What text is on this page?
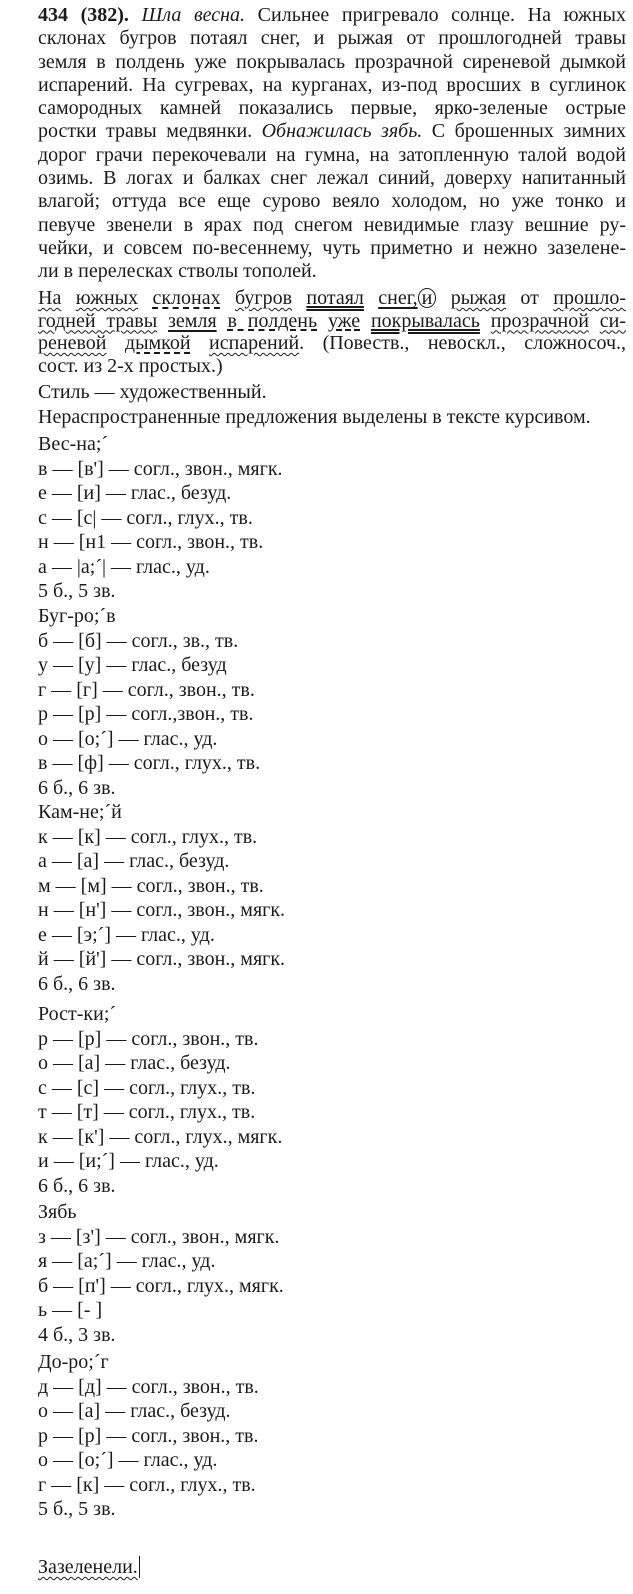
434 (382). Шла весна. Сильнее пригревало солнце. На южных
склонах бугров потаял снег, и рыжая от прошлогодней травы
земля в полдень уже покрывалась прозрачной сиреневой дымкой
испарений. На сугревах, на курганах, из-под вросших в суглинок
самородных камней показались первые, ярко-зеленые острые
ростки травы медвянки. Обнажилась зябь. С брошенных зимних
дорог грачи перекочевали на гумна, на затопленную талой водой
озимь. В логах и балках снег лежал синий, доверху напитанный
влагой; оттуда все еще сурово веяло холодом, но уже тонко и
певуче звенели в ярах под снегом невидимые глазу вешние ру-
чейки, и совсем по-весеннему, чуть приметно и нежно зазелене-
ли в перелесках стволы тополей.
На южных склонах бугров потаял снег, и рыжая от прошло-
годней травы земля в полдень уже покрывалась прозрачной си-
реневой дымкой испарений. (Повеств., невоскл., сложносоч.,
сост. из 2-х простых.)
Стиль — художественный.
Нераспространенные предложения выделены в тексте курсивом.
Вес-на;´
в — [в'] — согл., звон., мягк.
е — [и] — глас., безуд.
с — [с| — согл., глух., тв.
н — [н1 — согл., звон., тв.
а — |а;´| — глас., уд.
5 б., 5 зв.
Буг-ро;´в
б — [б] — согл., зв., тв.
у — [у] — глас., безуд
г — [г] — согл., звон., тв.
р — [р] — согл.,звон., тв.
о — [о;´] — глас., уд.
в — [ф] — согл., глух., тв.
6 б., 6 зв.
Кам-не;´й
к — [к] — согл., глух., тв.
а — [а] — глас., безуд.
м — [м] — согл., звон., тв.
н — [н'] — согл., звон., мягк.
е — [э;´] — глас., уд.
й — [й'] — согл., звон., мягк.
6 б., 6 зв.
Рост-ки;´
р — [р] — согл., звон., тв.
о — [а] — глас., безуд.
с — [с] — согл., глух., тв.
т — [т] — согл., глух., тв.
к — [к'] — согл., глух., мягк.
и — [и;´] — глас., уд.
6 б., 6 зв.
Зябь
з — [з'] — согл., звон., мягк.
я — [а;´] — глас., уд.
б — [п'] — согл., глух., мягк.
ь — [- ]
4 б., 3 зв.
До-ро;´г
д — [д] — согл., звон., тв.
о — [а] — глас., безуд.
р — [р] — согл., звон., тв.
о — [о;´] — глас., уд.
г — [к] — согл., глух., тв.
5 б., 5 зв.
Зазеленели.
